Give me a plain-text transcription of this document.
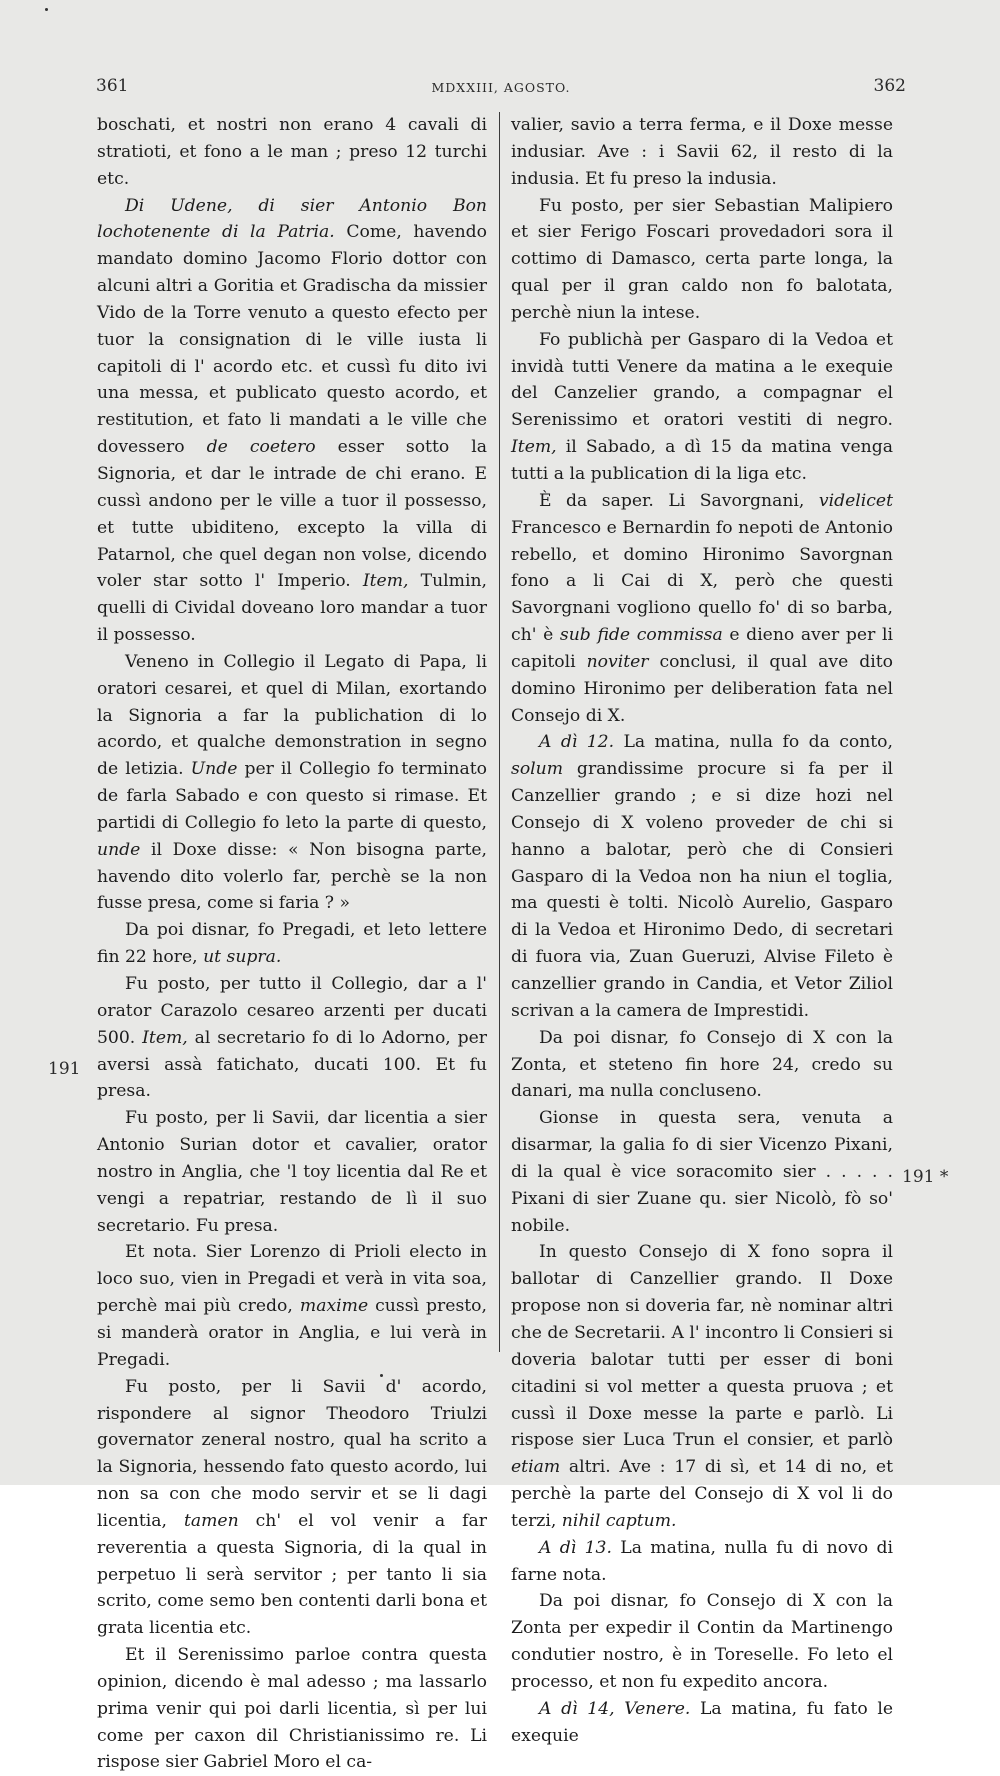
361	MDXXIII, AGOSTO.	362
191
191 *

boschati, et nostri non erano 4 cavali di stratioti, et fono a le man ; preso 12 turchi etc.

Di Udene, di sier Antonio Bon lochotenente di la Patria. Come, havendo mandato domino Jacomo Florio dottor con alcuni altri a Goritia et Gradischa da missier Vido de la Torre venuto a questo efecto per tuor la consignation di le ville iusta li capitoli di l' acordo etc. et cussì fu dito ivi una messa, et publicato questo acordo, et restitution, et fato li mandati a le ville che dovessero de coetero esser sotto la Signoria, et dar le intrade de chi erano. E cussì andono per le ville a tuor il possesso, et tutte ubiditeno, excepto la villa di Patarnol, che quel degan non volse, dicendo voler star sotto l' Imperio. Item, Tulmin, quelli di Cividal doveano loro mandar a tuor il possesso.

Veneno in Collegio il Legato di Papa, li oratori cesarei, et quel di Milan, exortando la Signoria a far la publichation di lo acordo, et qualche demonstration in segno de letizia. Unde per il Collegio fo terminato de farla Sabado e con questo si rimase. Et partidi di Collegio fo leto la parte di questo, unde il Doxe disse: « Non bisogna parte, havendo dito volerlo far, perchè se la non fusse presa, come si faria ? »

Da poi disnar, fo Pregadi, et leto lettere fin 22 hore, ut supra.

Fu posto, per tutto il Collegio, dar a l' orator Carazolo cesareo arzenti per ducati 500. Item, al secretario fo di lo Adorno, per aversi assà fatichato, ducati 100. Et fu presa.

Fu posto, per li Savii, dar licentia a sier Antonio Surian dotor et cavalier, orator nostro in Anglia, che 'l toy licentia dal Re et vengi a repatriar, restando de lì il suo secretario. Fu presa.

Et nota. Sier Lorenzo di Prioli electo in loco suo, vien in Pregadi et verà in vita soa, perchè mai più credo, maxime cussì presto, si manderà orator in Anglia, e lui verà in Pregadi.

Fu posto, per li Savii d' acordo, rispondere al signor Theodoro Triulzi governator zeneral nostro, qual ha scrito a la Signoria, hessendo fato questo acordo, lui non sa con che modo servir et se li dagi licentia, tamen ch' el vol venir a far reverentia a questa Signoria, di la qual in perpetuo li serà servitor ; per tanto li sia scrito, come semo ben contenti darli bona et grata licentia etc.

Et il Serenissimo parloe contra questa opinion, dicendo è mal adesso ; ma lassarlo prima venir qui poi darli licentia, sì per lui come per caxon dil Christianissimo re. Li rispose sier Gabriel Moro el ca-

valier, savio a terra ferma, e il Doxe messe indusiar. Ave : i Savii 62, il resto di la indusia. Et fu preso la indusia.

Fu posto, per sier Sebastian Malipiero et sier Ferigo Foscari provedadori sora il cottimo di Damasco, certa parte longa, la qual per il gran caldo non fo balotata, perchè niun la intese.

Fo publichà per Gasparo di la Vedoa et invidà tutti Venere da matina a le exequie del Canzelier grando, a compagnar el Serenissimo et oratori vestiti di negro. Item, il Sabado, a dì 15 da matina venga tutti a la publication di la liga etc.

È da saper. Li Savorgnani, videlicet Francesco e Bernardin fo nepoti de Antonio rebello, et domino Hironimo Savorgnan fono a li Cai di X, però che questi Savorgnani vogliono quello fo' di so barba, ch' è sub fide commissa e dieno aver per li capitoli noviter conclusi, il qual ave dito domino Hironimo per deliberation fata nel Consejo di X.

A dì 12. La matina, nulla fo da conto, solum grandissime procure si fa per il Canzellier grando ; e si dize hozi nel Consejo di X voleno proveder de chi si hanno a balotar, però che di Consieri Gasparo di la Vedoa non ha niun el toglia, ma questi è tolti. Nicolò Aurelio, Gasparo di la Vedoa et Hironimo Dedo, di secretari di fuora via, Zuan Gueruzi, Alvise Fileto è canzellier grando in Candia, et Vetor Ziliol scrivan a la camera de Imprestidi.

Da poi disnar, fo Consejo di X con la Zonta, et steteno fin hore 24, credo su danari, ma nulla concluseno.

Gionse in questa sera, venuta a disarmar, la galia fo di sier Vicenzo Pixani, di la qual è vice soracomito sier . . . . . Pixani di sier Zuane qu. sier Nicolò, fò so' nobile.

In questo Consejo di X fono sopra il ballotar di Canzellier grando. Il Doxe propose non si doveria far, nè nominar altri che de Secretarii. A l' incontro li Consieri si doveria balotar tutti per esser di boni citadini si vol metter a questa pruova ; et cussì il Doxe messe la parte e parlò. Li rispose sier Luca Trun el consier, et parlò etiam altri. Ave : 17 di sì, et 14 di no, et perchè la parte del Consejo di X vol li do terzi, nihil captum.

A dì 13. La matina, nulla fu di novo di farne nota.

Da poi disnar, fo Consejo di X con la Zonta per expedir il Contin da Martinengo condutier nostro, è in Toreselle. Fo leto el processo, et non fu expedito ancora.

A dì 14, Venere. La matina, fu fato le exequie
